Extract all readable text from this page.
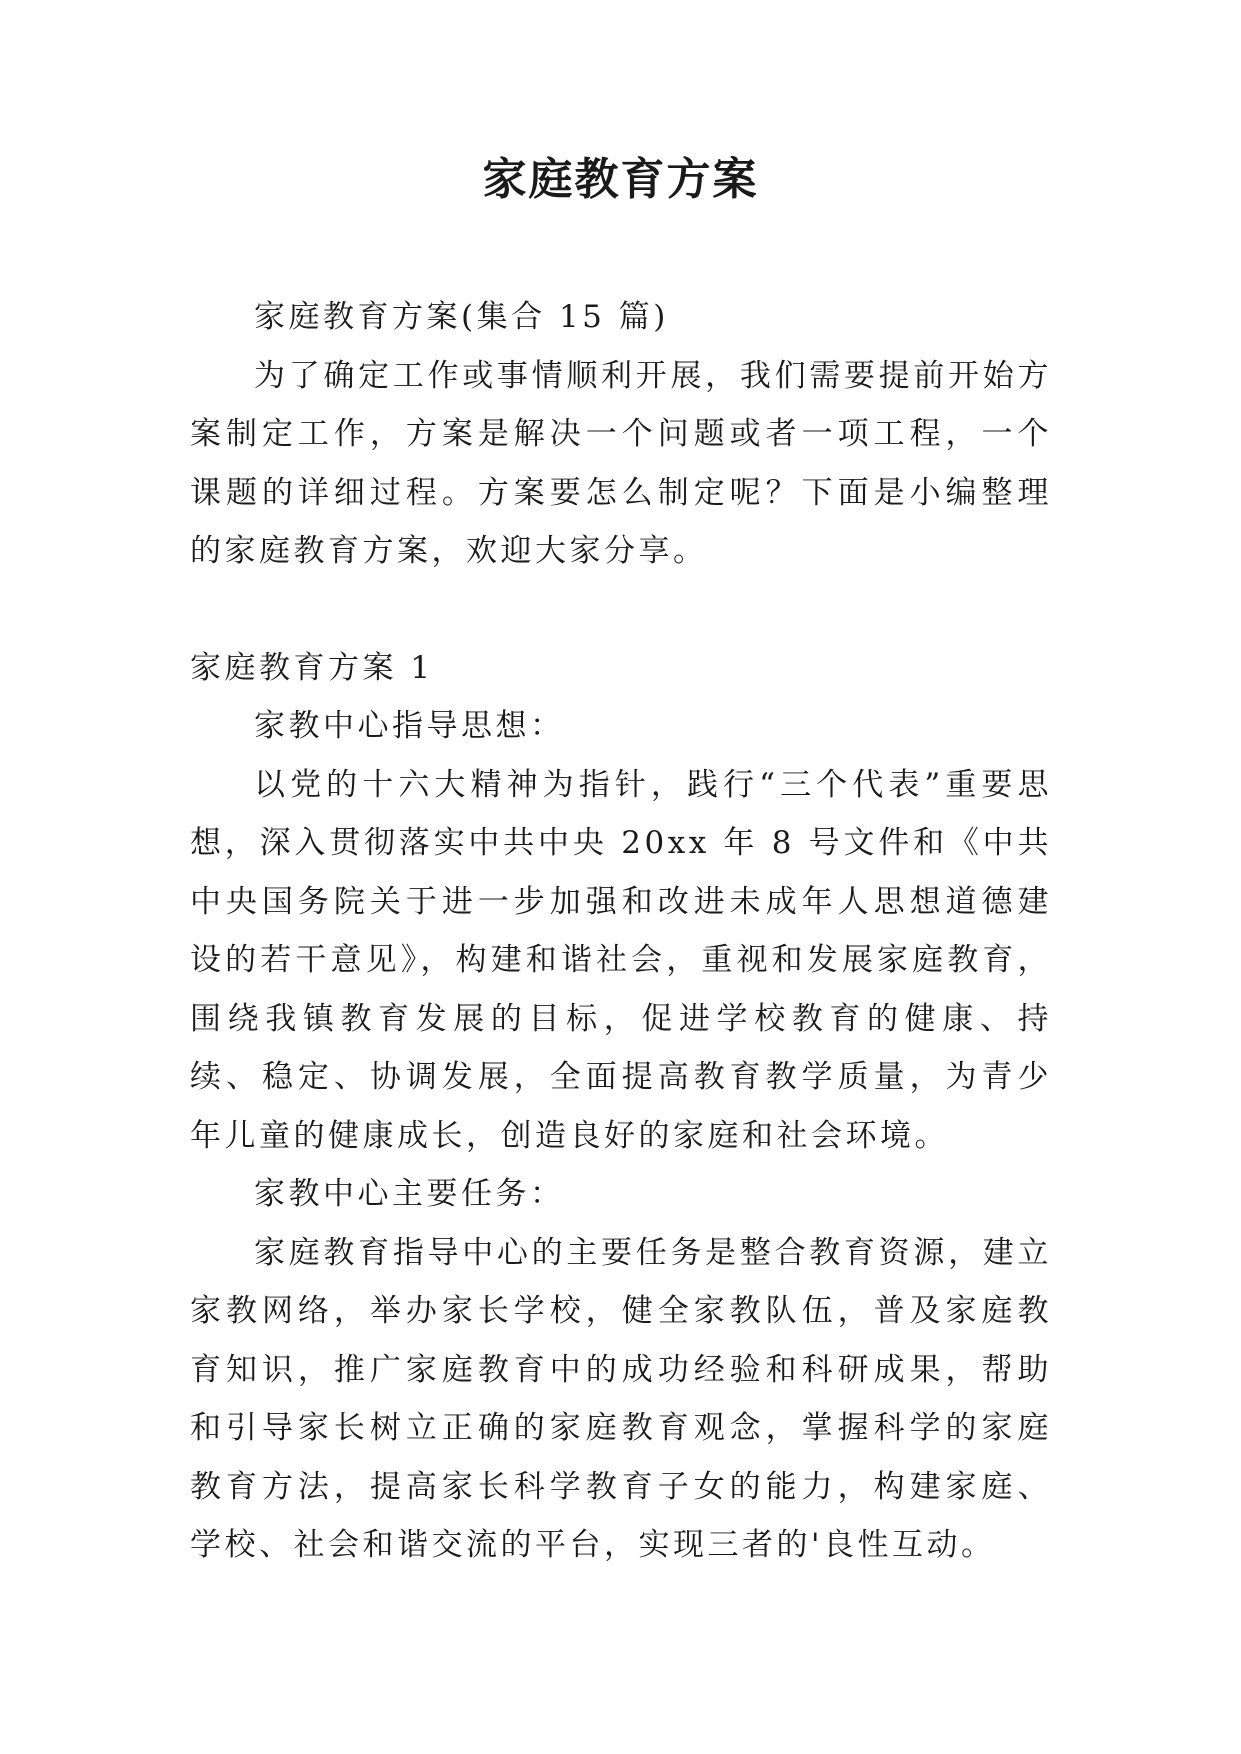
家庭教育方案

家庭教育方案(集合 15 篇)

为了确定工作或事情顺利开展，我们需要提前开始方案制定工作，方案是解决一个问题或者一项工程，一个课题的详细过程。方案要怎么制定呢？下面是小编整理的家庭教育方案，欢迎大家分享。

家庭教育方案 1

家教中心指导思想：

以党的十六大精神为指针，践行“三个代表”重要思想，深入贯彻落实中共中央 20xx 年 8 号文件和《中共中央国务院关于进一步加强和改进未成年人思想道德建设的若干意见》，构建和谐社会，重视和发展家庭教育，围绕我镇教育发展的目标，促进学校教育的健康、持续、稳定、协调发展，全面提高教育教学质量，为青少年儿童的健康成长，创造良好的家庭和社会环境。

家教中心主要任务：

家庭教育指导中心的主要任务是整合教育资源，建立家教网络，举办家长学校，健全家教队伍，普及家庭教育知识，推广家庭教育中的成功经验和科研成果，帮助和引导家长树立正确的家庭教育观念，掌握科学的家庭教育方法，提高家长科学教育子女的能力，构建家庭、学校、社会和谐交流的平台，实现三者的'良性互动。
